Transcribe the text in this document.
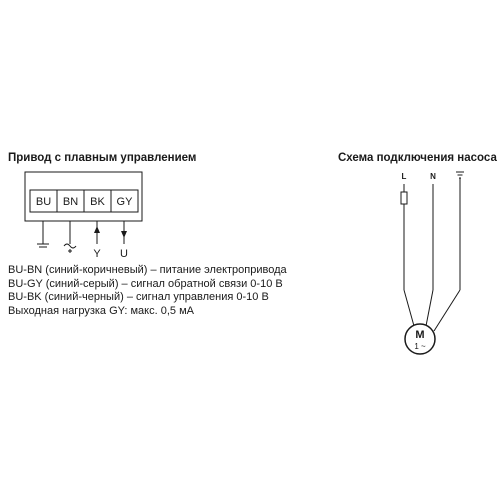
Привод с плавным управлением	Схема подключения насоса
BU BN BK GY
Y U
L	N
M
1 ~
BU-BN (синий-коричневый) – питание электропривода
BU-GY (синий-серый) – сигнал обратной связи 0-10 В
BU-BK (синий-черный) – сигнал управления 0-10 В
Выходная нагрузка GY: макс. 0,5 мА
